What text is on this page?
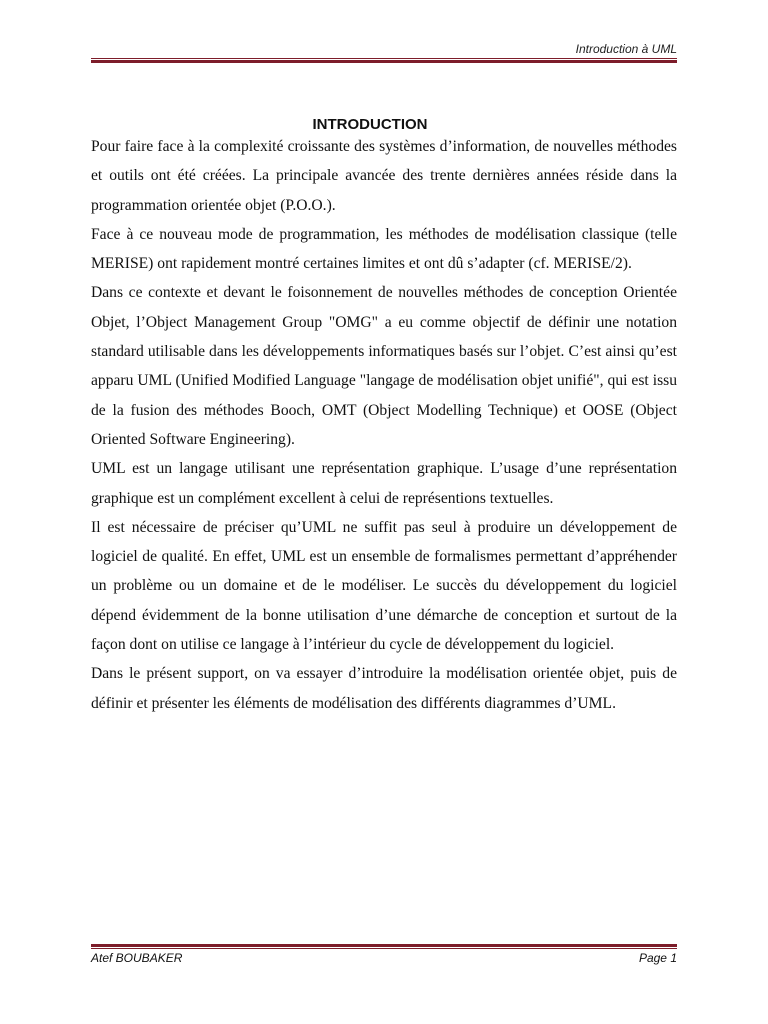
Introduction à UML
INTRODUCTION

Pour faire face à la complexité croissante des systèmes d’information, de nouvelles méthodes et outils ont été créées. La principale avancée des trente dernières années réside dans la programmation orientée objet (P.O.O.).

Face à ce nouveau mode de programmation, les méthodes de modélisation classique (telle MERISE) ont rapidement montré certaines limites et ont dû s’adapter (cf. MERISE/2).

Dans ce contexte et devant le foisonnement de nouvelles méthodes de conception Orientée Objet, l’Object Management Group "OMG" a eu comme objectif de définir une notation standard utilisable dans les développements informatiques basés sur l’objet. C’est ainsi qu’est apparu UML (Unified Modified Language "langage de modélisation objet unifié", qui est issu de la fusion des méthodes Booch, OMT (Object Modelling Technique) et OOSE (Object Oriented Software Engineering).

UML est un langage utilisant une représentation graphique. L’usage d’une représentation graphique est un complément excellent à celui de représentions textuelles.

Il est nécessaire de préciser qu’UML ne suffit pas seul à produire un développement de logiciel de qualité. En effet, UML est un ensemble de formalismes permettant d’appréhender un problème ou un domaine et de le modéliser. Le succès du développement du logiciel dépend évidemment de la bonne utilisation d’une démarche de conception et surtout de la façon dont on utilise ce langage à l’intérieur du cycle de développement du logiciel.

Dans le présent support, on va essayer d’introduire la modélisation orientée objet, puis de définir et présenter les éléments de modélisation des différents diagrammes d’UML.

Atef BOUBAKER	Page 1
